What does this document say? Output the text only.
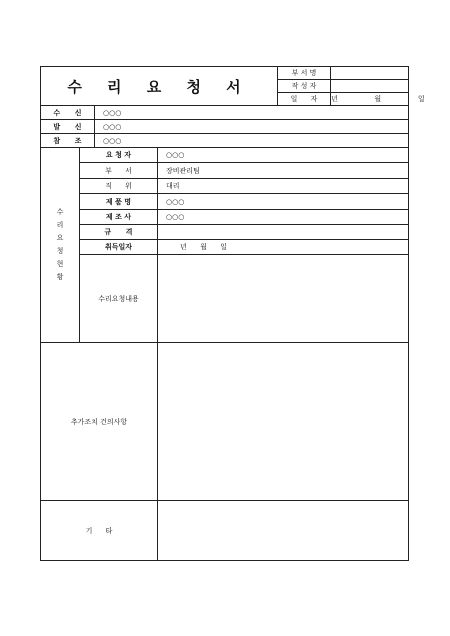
수 리 요 청 서	부 서 명	
	작 성 자	
	일      자	년   월   일
수      신	○○○
발      신	○○○
참      조	○○○
수리요청현황	요 청 자	○○○
	부      서	장비관리팀
	직      위	대리
	제 품 명	○○○
	제 조 사	○○○
	규      격	
	취득일자	년      월      일
	수리요청내용	
추가조치 건의사항	
기      타	
